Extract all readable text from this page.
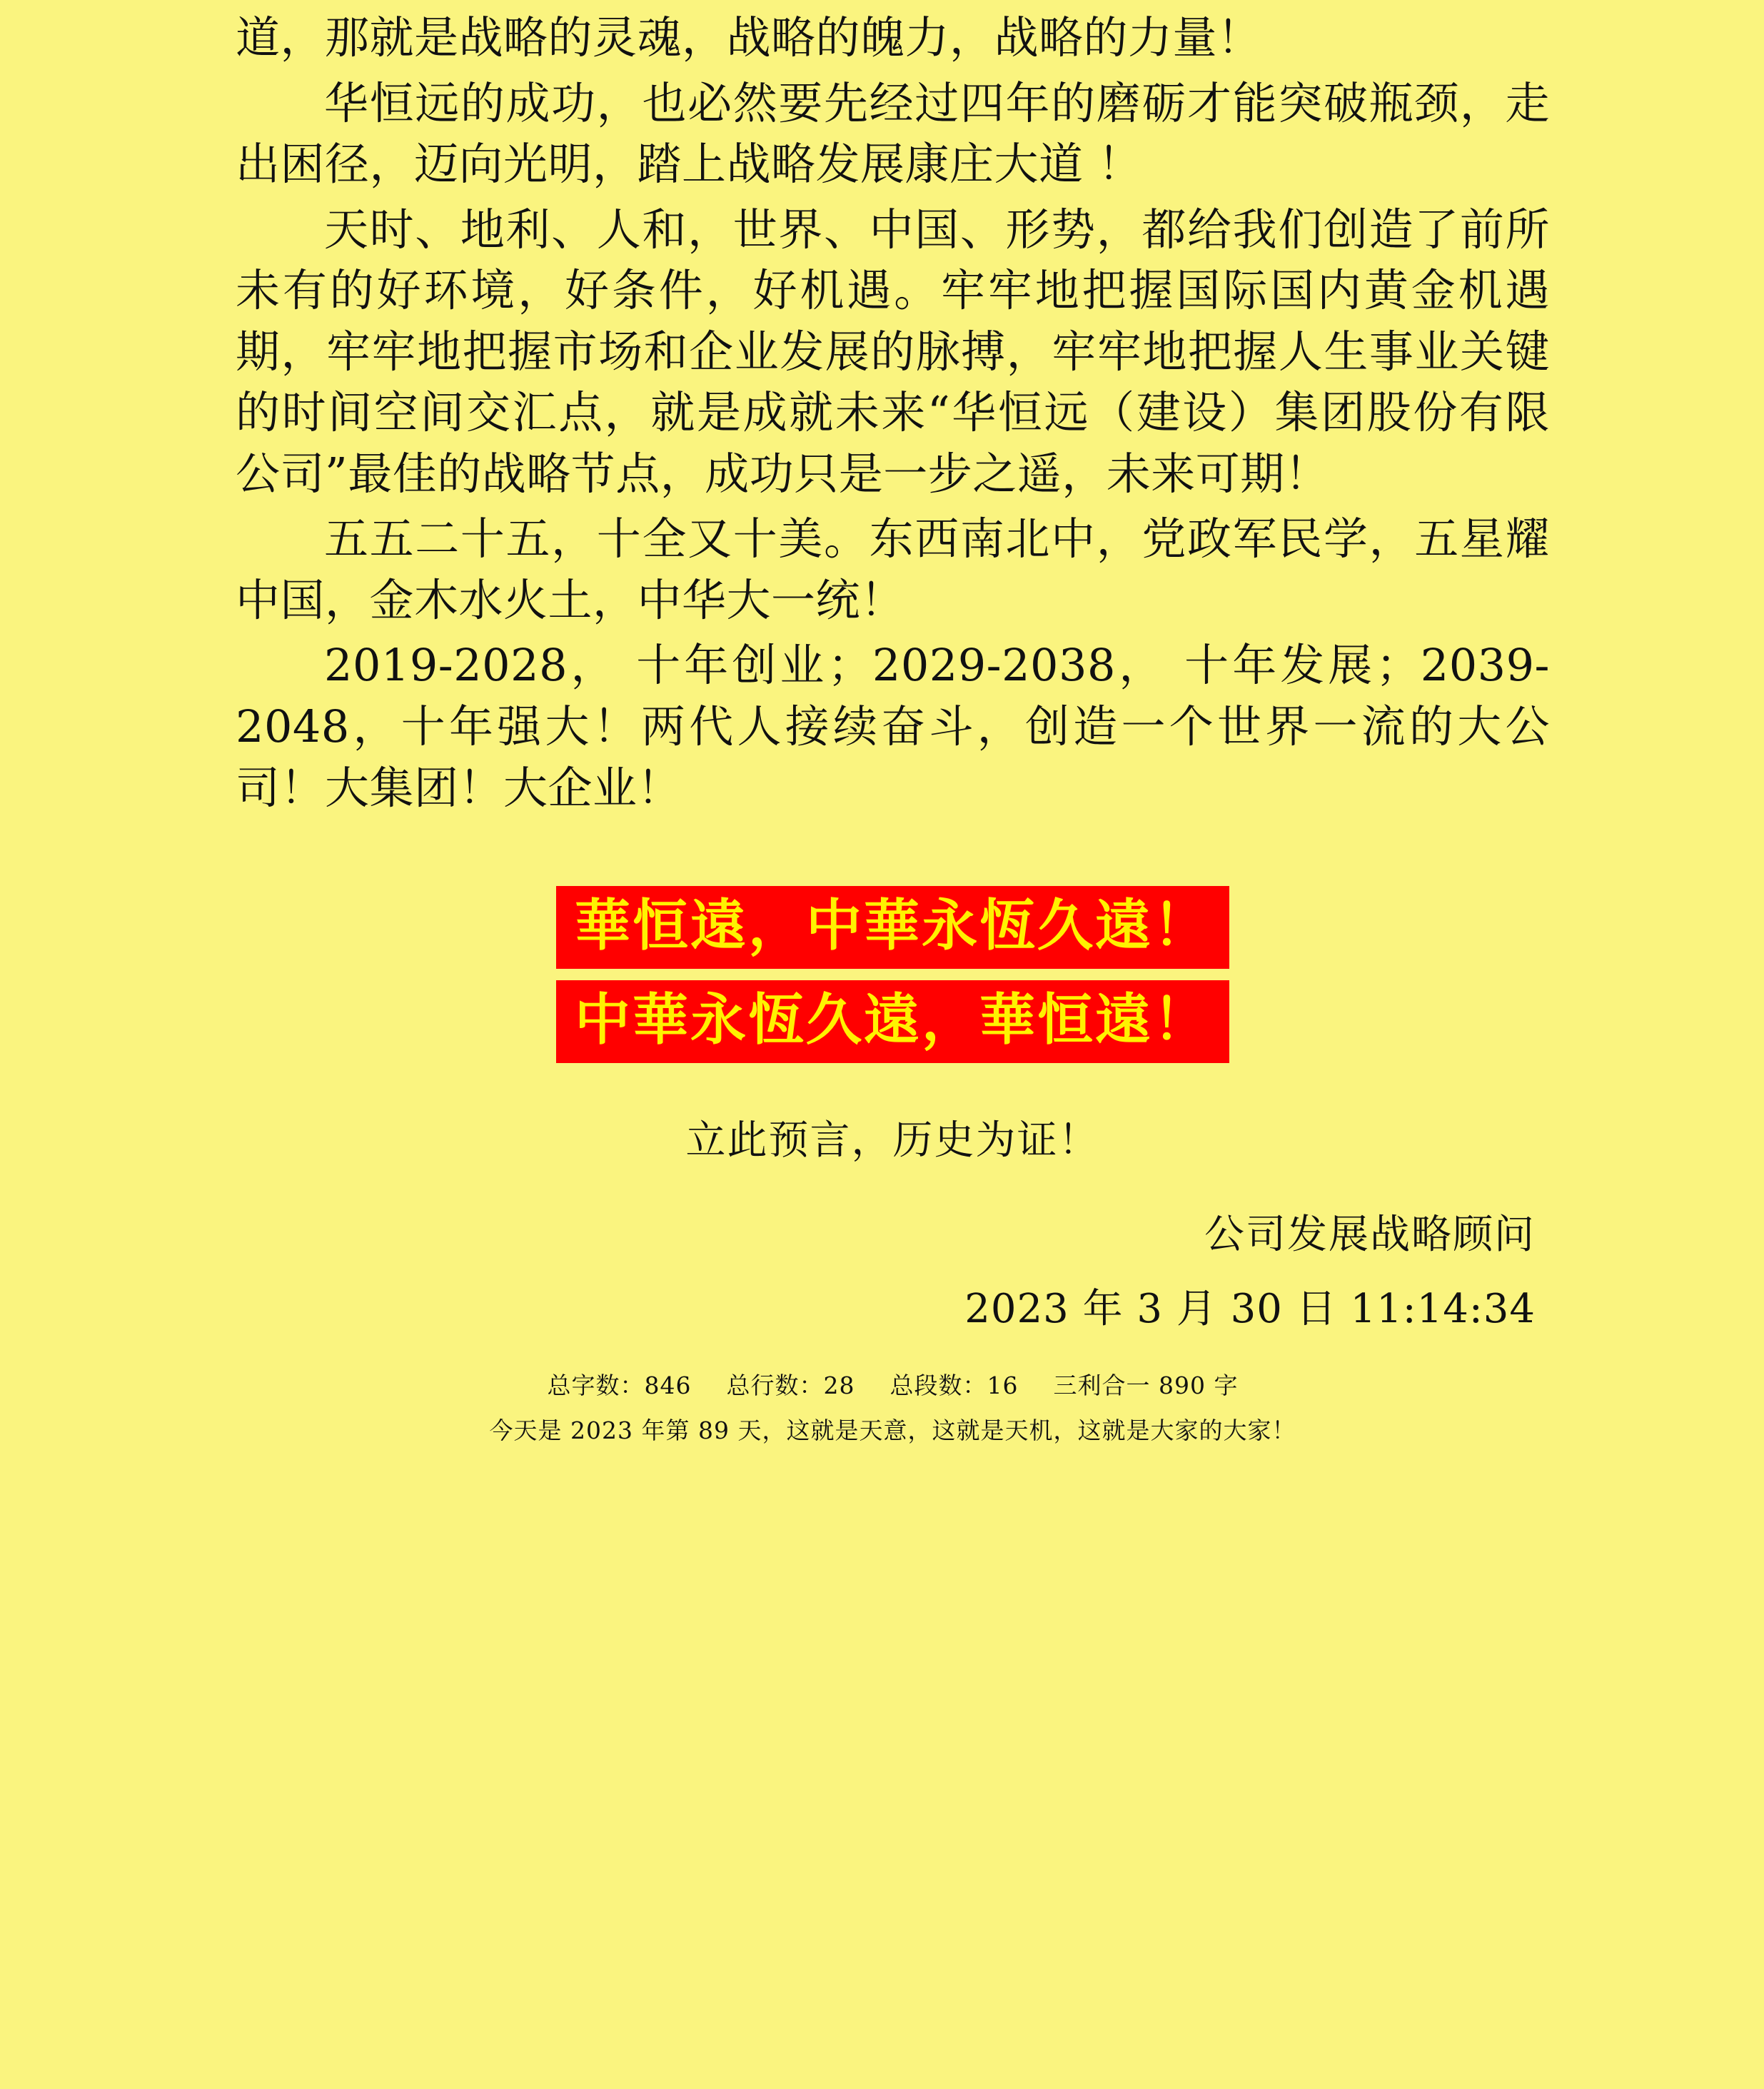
道，那就是战略的灵魂，战略的魄力，战略的力量！

华恒远的成功，也必然要先经过四年的磨砺才能突破瓶颈，走出困径，迈向光明，踏上战略发展康庄大道 ！

天时、地利、人和，世界、中国、形势，都给我们创造了前所未有的好环境，好条件，好机遇。牢牢地把握国际国内黄金机遇期，牢牢地把握市场和企业发展的脉搏，牢牢地把握人生事业关键的时间空间交汇点，就是成就未来“华恒远（建设）集团股份有限公司”最佳的战略节点，成功只是一步之遥，未来可期！

五五二十五，十全又十美。东西南北中，党政军民学，五星耀中国，金木水火土，中华大一统！

2019-2028， 十年创业；2029-2038， 十年发展；2039-2048，十年强大！两代人接续奋斗，创造一个世界一流的大公司！大集团！大企业！

華恒遠，中華永恆久遠！
中華永恆久遠，華恒遠！
立此预言，历史为证！
公司发展战略顾问
2023 年 3 月 30 日 11:14:34
总字数：846 总行数：28 总段数：16 三利合一 890 字
今天是 2023 年第 89 天，这就是天意，这就是天机，这就是大家的大家！
